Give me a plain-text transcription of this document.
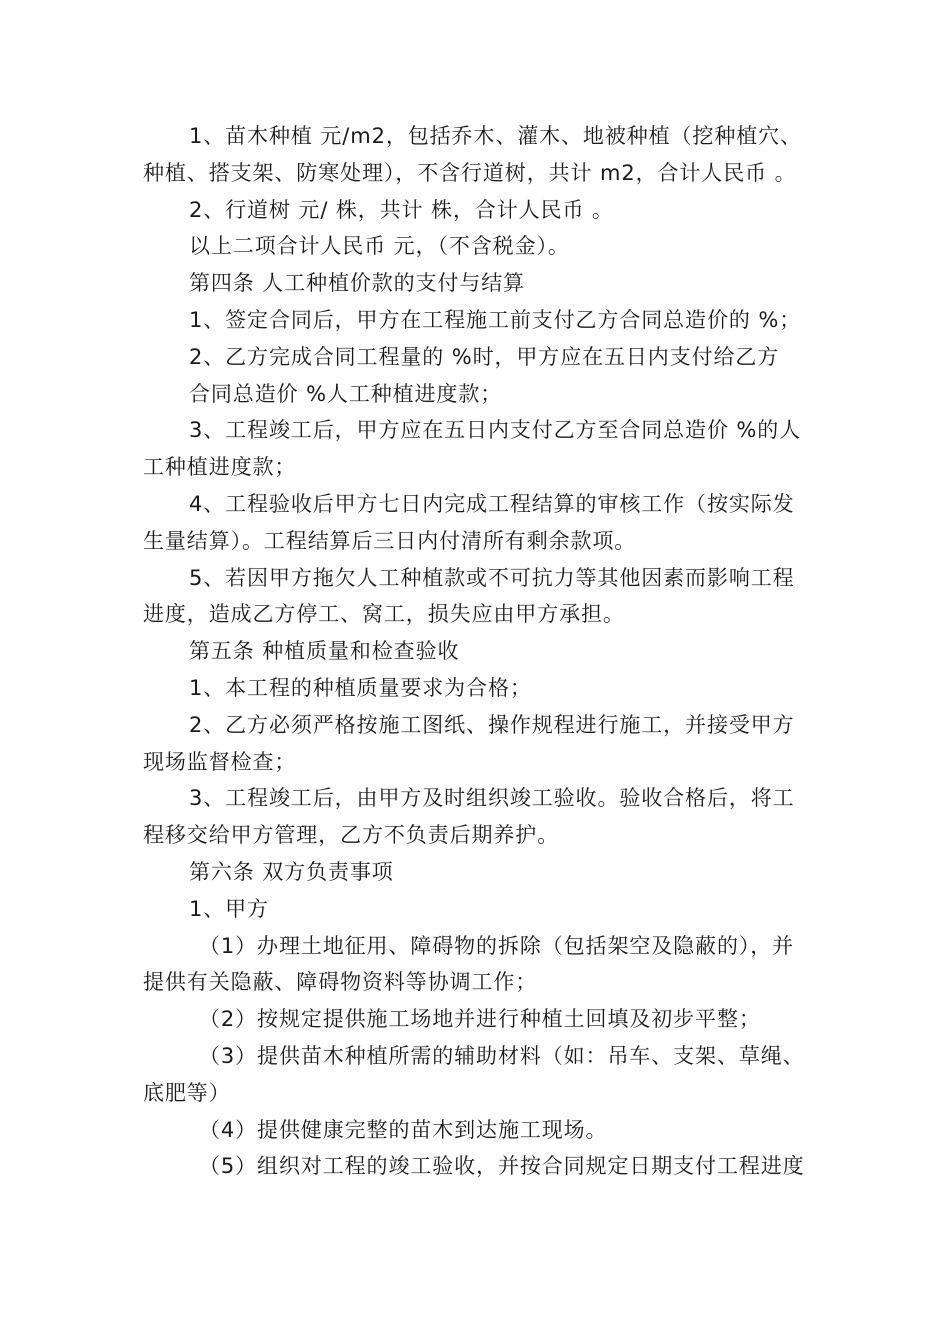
1、苗木种植 元/m2，包括乔木、灌木、地被种植（挖种植穴、
种植、搭支架、防寒处理），不含行道树，共计 m2，合计人民币 。
2、行道树 元/ 株，共计 株，合计人民币 。
以上二项合计人民币 元，（不含税金）。
第四条 人工种植价款的支付与结算
1、签定合同后，甲方在工程施工前支付乙方合同总造价的 %；
2、乙方完成合同工程量的 %时，甲方应在五日内支付给乙方
合同总造价 %人工种植进度款；
3、工程竣工后，甲方应在五日内支付乙方至合同总造价 %的人
工种植进度款；
4、工程验收后甲方七日内完成工程结算的审核工作（按实际发
生量结算）。工程结算后三日内付清所有剩余款项。
5、若因甲方拖欠人工种植款或不可抗力等其他因素而影响工程
进度，造成乙方停工、窝工，损失应由甲方承担。
第五条 种植质量和检查验收
1、本工程的种植质量要求为合格；
2、乙方必须严格按施工图纸、操作规程进行施工，并接受甲方
现场监督检查；
3、工程竣工后，由甲方及时组织竣工验收。验收合格后，将工
程移交给甲方管理，乙方不负责后期养护。
第六条 双方负责事项
1、甲方
（1）办理土地征用、障碍物的拆除（包括架空及隐蔽的），并
提供有关隐蔽、障碍物资料等协调工作；
（2）按规定提供施工场地并进行种植土回填及初步平整；
（3）提供苗木种植所需的辅助材料（如：吊车、支架、草绳、
底肥等）
（4）提供健康完整的苗木到达施工现场。
（5）组织对工程的竣工验收，并按合同规定日期支付工程进度
